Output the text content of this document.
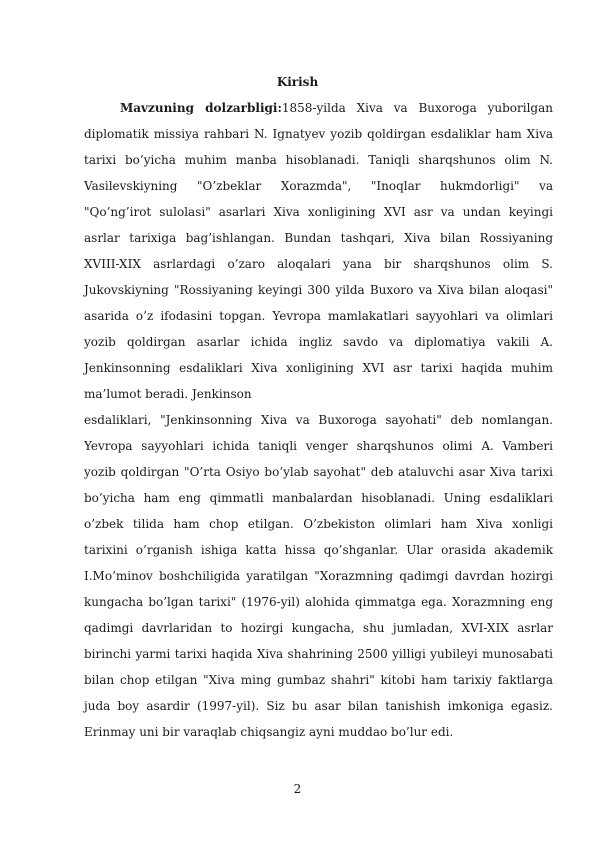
Kirish
Mavzuning dolzarbligi:1858-yilda Xiva va Buxoroga yuborilgan
diplomatik missiya rahbari N. Ignatyev yozib qoldirgan esdaliklar ham Xiva
tarixi bo’yicha muhim manba hisoblanadi. Taniqli sharqshunos olim N.
Vasilevskiyning "O’zbeklar Xorazmda", "Inoqlar hukmdorligi" va
"Qo’ng’irot sulolasi" asarlari Xiva xonligining XVI asr va undan keyingi
asrlar tarixiga bag’ishlangan. Bundan tashqari, Xiva bilan Rossiyaning
XVIII-XIX asrlardagi o’zaro aloqalari yana bir sharqshunos olim S.
Jukovskiyning "Rossiyaning keyingi 300 yilda Buxoro va Xiva bilan aloqasi"
asarida o’z ifodasini topgan. Yevropa mamlakatlari sayyohlari va olimlari
yozib qoldirgan asarlar ichida ingliz savdo va diplomatiya vakili A.
Jenkinsonning esdaliklari Xiva xonligining XVI asr tarixi haqida muhim
ma’lumot beradi. Jenkinson
esdaliklari, "Jenkinsonning Xiva va Buxoroga sayohati" deb nomlangan.
Yevropa sayyohlari ichida taniqli venger sharqshunos olimi A. Vamberi
yozib qoldirgan "O’rta Osiyo bo’ylab sayohat" deb ataluvchi asar Xiva tarixi
bo’yicha ham eng qimmatli manbalardan hisoblanadi. Uning esdaliklari
o’zbek tilida ham chop etilgan. O’zbekiston olimlari ham Xiva xonligi
tarixini o’rganish ishiga katta hissa qo’shganlar. Ular orasida akademik
I.Mo’minov boshchiligida yaratilgan "Xorazmning qadimgi davrdan hozirgi
kungacha bo’lgan tarixi" (1976-yil) alohida qimmatga ega. Xorazmning eng
qadimgi davrlaridan to hozirgi kungacha, shu jumladan, XVI-XIX asrlar
birinchi yarmi tarixi haqida Xiva shahrining 2500 yilligi yubileyi munosabati
bilan chop etilgan "Xiva ming gumbaz shahri" kitobi ham tarixiy faktlarga
juda boy asardir (1997-yil). Siz bu asar bilan tanishish imkoniga egasiz.
Erinmay uni bir varaqlab chiqsangiz ayni muddao bo’lur edi.
2
